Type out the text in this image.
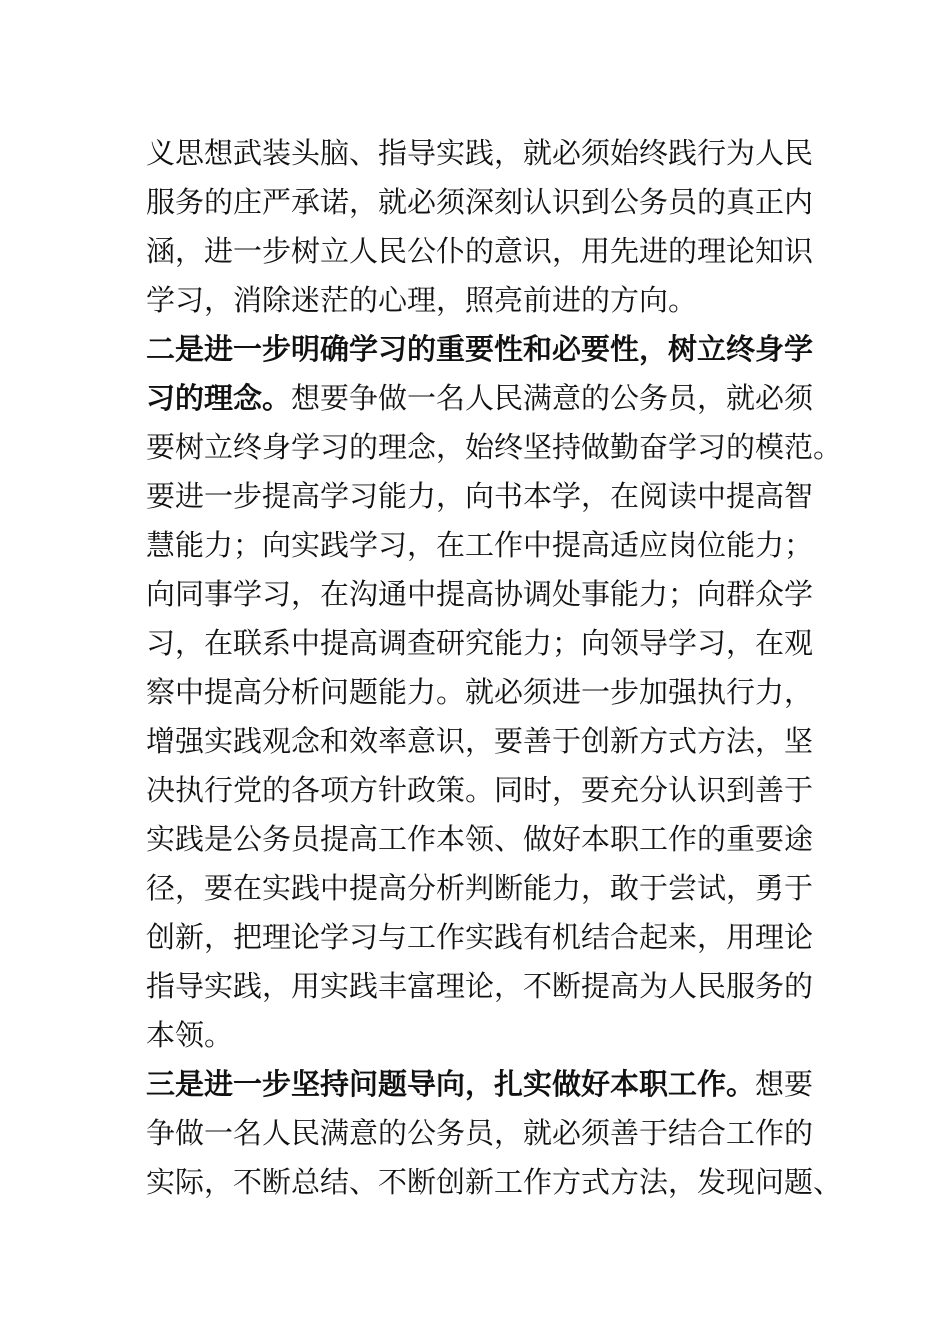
义思想武装头脑、指导实践，就必须始终践行为人民
服务的庄严承诺，就必须深刻认识到公务员的真正内
涵，进一步树立人民公仆的意识，用先进的理论知识
学习，消除迷茫的心理，照亮前进的方向。
二是进一步明确学习的重要性和必要性，树立终身学
习的理念。想要争做一名人民满意的公务员，就必须
要树立终身学习的理念，始终坚持做勤奋学习的模范。
要进一步提高学习能力，向书本学，在阅读中提高智
慧能力；向实践学习，在工作中提高适应岗位能力；
向同事学习，在沟通中提高协调处事能力；向群众学
习，在联系中提高调查研究能力；向领导学习，在观
察中提高分析问题能力。就必须进一步加强执行力，
增强实践观念和效率意识，要善于创新方式方法，坚
决执行党的各项方针政策。同时，要充分认识到善于
实践是公务员提高工作本领、做好本职工作的重要途
径，要在实践中提高分析判断能力，敢于尝试，勇于
创新，把理论学习与工作实践有机结合起来，用理论
指导实践，用实践丰富理论，不断提高为人民服务的
本领。
三是进一步坚持问题导向，扎实做好本职工作。想要
争做一名人民满意的公务员，就必须善于结合工作的
实际，不断总结、不断创新工作方式方法，发现问题、
